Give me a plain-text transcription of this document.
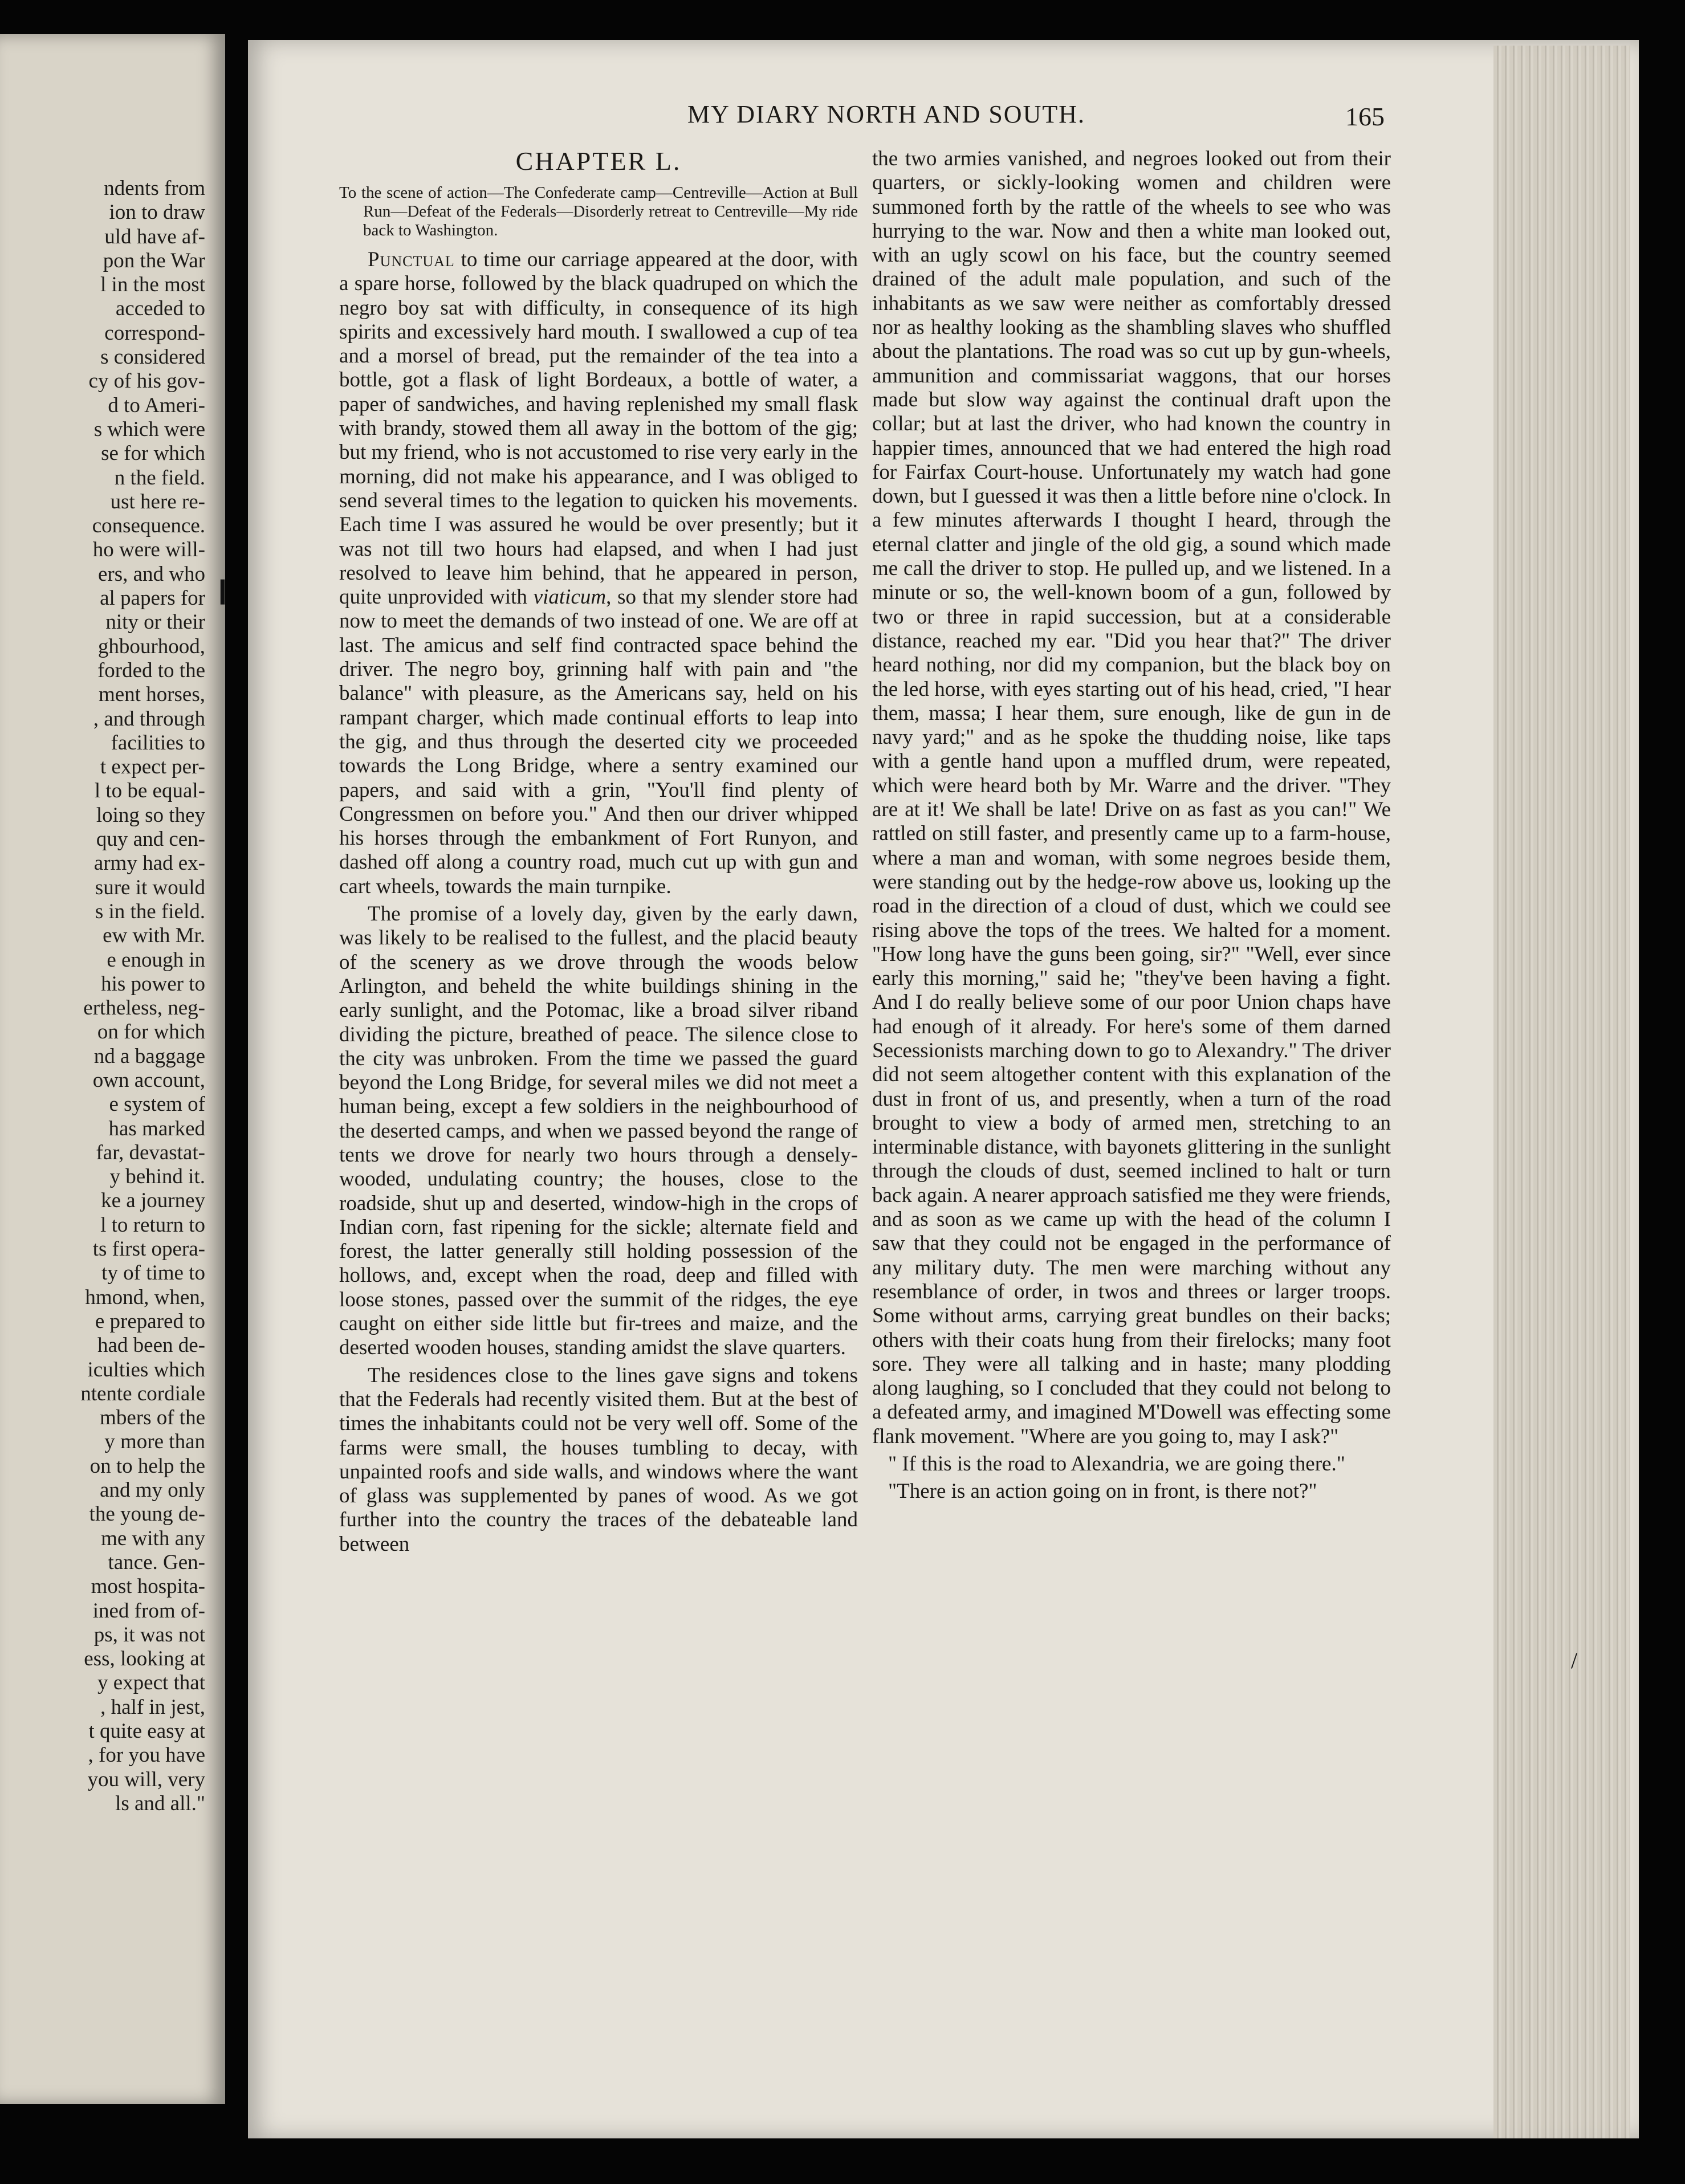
ndents from
ion to draw
uld have af-
pon the War
l in the most
acceded to
correspond-
s considered
cy of his gov-
d to Ameri-
s which were
se for which
n the field.
ust here re-
consequence.
ho were will-
ers, and who
al papers for
nity or their
ghbourhood,
forded to the
ment horses,
, and through
facilities to
t expect per-
l to be equal-
loing so they
quy and cen-
army had ex-
sure it would
s in the field.
ew with Mr.
e enough in
his power to
ertheless, neg-
on for which
nd a baggage
own account,
e system of
has marked
far, devastat-
y behind it.
ke a journey
l to return to
ts first opera-
ty of time to
hmond, when,
e prepared to
had been de-
iculties which
ntente cordiale
mbers of the
y more than
on to help the
and my only
the young de-
me with any
tance. Gen-
most hospita-
ined from of-
ps, it was not
ess, looking at
y expect that
, half in jest,
t quite easy at
, for you have
you will, very
ls and all."
MY DIARY NORTH AND SOUTH.	165
CHAPTER L.
To the scene of action—The Confederate camp—Centreville—Action at Bull Run—Defeat of the Federals—Disorderly retreat to Centreville—My ride back to Washington.

Punctual to time our carriage appeared at the door, with a spare horse, followed by the black quadruped on which the negro boy sat with difficulty, in consequence of its high spirits and excessively hard mouth. I swallowed a cup of tea and a morsel of bread, put the remainder of the tea into a bottle, got a flask of light Bordeaux, a bottle of water, a paper of sandwiches, and having replenished my small flask with brandy, stowed them all away in the bottom of the gig; but my friend, who is not accustomed to rise very early in the morning, did not make his appearance, and I was obliged to send several times to the legation to quicken his movements. Each time I was assured he would be over presently; but it was not till two hours had elapsed, and when I had just resolved to leave him behind, that he appeared in person, quite unprovided with viaticum, so that my slender store had now to meet the demands of two instead of one. We are off at last. The amicus and self find contracted space behind the driver. The negro boy, grinning half with pain and "the balance" with pleasure, as the Americans say, held on his rampant charger, which made continual efforts to leap into the gig, and thus through the deserted city we proceeded towards the Long Bridge, where a sentry examined our papers, and said with a grin, "You'll find plenty of Congressmen on before you." And then our driver whipped his horses through the embankment of Fort Runyon, and dashed off along a country road, much cut up with gun and cart wheels, towards the main turnpike.

The promise of a lovely day, given by the early dawn, was likely to be realised to the fullest, and the placid beauty of the scenery as we drove through the woods below Arlington, and beheld the white buildings shining in the early sunlight, and the Potomac, like a broad silver riband dividing the picture, breathed of peace. The silence close to the city was unbroken. From the time we passed the guard beyond the Long Bridge, for several miles we did not meet a human being, except a few soldiers in the neighbourhood of the deserted camps, and when we passed beyond the range of tents we drove for nearly two hours through a densely-wooded, undulating country; the houses, close to the roadside, shut up and deserted, window-high in the crops of Indian corn, fast ripening for the sickle; alternate field and forest, the latter generally still holding possession of the hollows, and, except when the road, deep and filled with loose stones, passed over the summit of the ridges, the eye caught on either side little but fir-trees and maize, and the deserted wooden houses, standing amidst the slave quarters.

The residences close to the lines gave signs and tokens that the Federals had recently visited them. But at the best of times the inhabitants could not be very well off. Some of the farms were small, the houses tumbling to decay, with unpainted roofs and side walls, and windows where the want of glass was supplemented by panes of wood. As we got further into the country the traces of the debateable land between

the two armies vanished, and negroes looked out from their quarters, or sickly-looking women and children were summoned forth by the rattle of the wheels to see who was hurrying to the war. Now and then a white man looked out, with an ugly scowl on his face, but the country seemed drained of the adult male population, and such of the inhabitants as we saw were neither as comfortably dressed nor as healthy looking as the shambling slaves who shuffled about the plantations. The road was so cut up by gun-wheels, ammunition and commissariat waggons, that our horses made but slow way against the continual draft upon the collar; but at last the driver, who had known the country in happier times, announced that we had entered the high road for Fairfax Court-house. Unfortunately my watch had gone down, but I guessed it was then a little before nine o'clock. In a few minutes afterwards I thought I heard, through the eternal clatter and jingle of the old gig, a sound which made me call the driver to stop. He pulled up, and we listened. In a minute or so, the well-known boom of a gun, followed by two or three in rapid succession, but at a considerable distance, reached my ear. "Did you hear that?" The driver heard nothing, nor did my companion, but the black boy on the led horse, with eyes starting out of his head, cried, "I hear them, massa; I hear them, sure enough, like de gun in de navy yard;" and as he spoke the thudding noise, like taps with a gentle hand upon a muffled drum, were repeated, which were heard both by Mr. Warre and the driver. "They are at it! We shall be late! Drive on as fast as you can!" We rattled on still faster, and presently came up to a farm-house, where a man and woman, with some negroes beside them, were standing out by the hedge-row above us, looking up the road in the direction of a cloud of dust, which we could see rising above the tops of the trees. We halted for a moment. "How long have the guns been going, sir?" "Well, ever since early this morning," said he; "they've been having a fight. And I do really believe some of our poor Union chaps have had enough of it already. For here's some of them darned Secessionists marching down to go to Alexandry." The driver did not seem altogether content with this explanation of the dust in front of us, and presently, when a turn of the road brought to view a body of armed men, stretching to an interminable distance, with bayonets glittering in the sunlight through the clouds of dust, seemed inclined to halt or turn back again. A nearer approach satisfied me they were friends, and as soon as we came up with the head of the column I saw that they could not be engaged in the performance of any military duty. The men were marching without any resemblance of order, in twos and threes or larger troops. Some without arms, carrying great bundles on their backs; others with their coats hung from their firelocks; many foot sore. They were all talking and in haste; many plodding along laughing, so I concluded that they could not belong to a defeated army, and imagined M'Dowell was effecting some flank movement. "Where are you going to, may I ask?"

" If this is the road to Alexandria, we are going there."

"There is an action going on in front, is there not?"

❙
/
